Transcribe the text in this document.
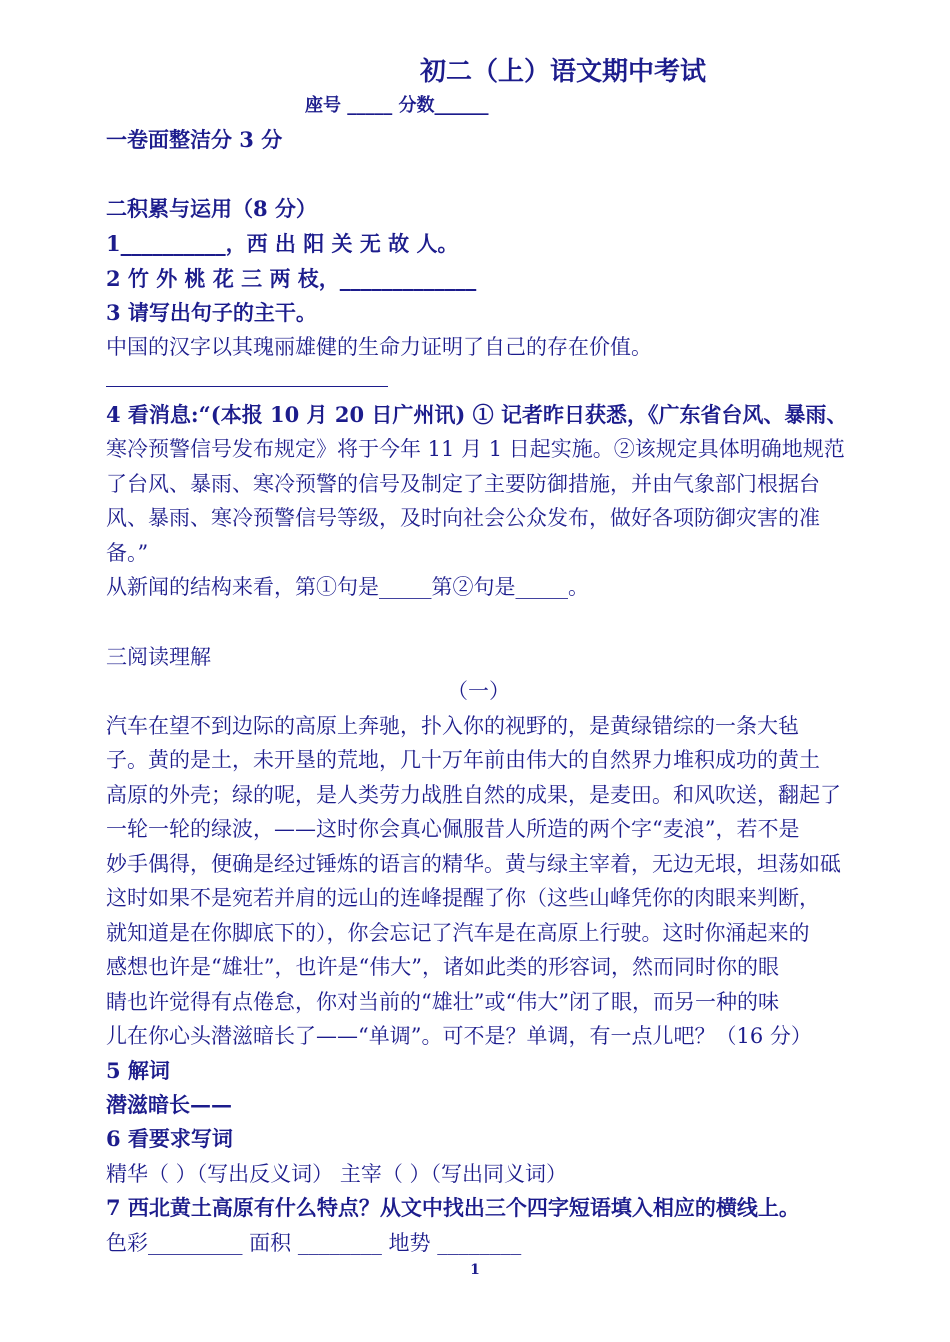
初二（上）语文期中考试
座号 _____ 分数______
一卷面整洁分 3 分
二积累与运用（8 分）
1__________，西 出 阳 关 无 故 人。
2 竹 外 桃 花 三 两 枝，_____________
3 请写出句子的主干。
中国的汉字以其瑰丽雄健的生命力证明了自己的存在价值。
4 看消息:“(本报 10 月 20 日广州讯) ① 记者昨日获悉，《广东省台风、暴雨、
寒冷预警信号发布规定》将于今年 11 月 1 日起实施。②该规定具体明确地规范
了台风、暴雨、寒冷预警的信号及制定了主要防御措施，并由气象部门根据台
风、暴雨、寒冷预警信号等级，及时向社会公众发布，做好各项防御灾害的准
备。”
从新闻的结构来看，第①句是_____第②句是_____。
三阅读理解
（一）
汽车在望不到边际的高原上奔驰，扑入你的视野的，是黄绿错综的一条大毡
子。黄的是土，未开垦的荒地，几十万年前由伟大的自然界力堆积成功的黄土
高原的外壳；绿的呢，是人类劳力战胜自然的成果，是麦田。和风吹送，翻起了
一轮一轮的绿波，——这时你会真心佩服昔人所造的两个字“麦浪”，若不是
妙手偶得，便确是经过锤炼的语言的精华。黄与绿主宰着，无边无垠，坦荡如砥
这时如果不是宛若并肩的远山的连峰提醒了你（这些山峰凭你的肉眼来判断，
就知道是在你脚底下的），你会忘记了汽车是在高原上行驶。这时你涌起来的
感想也许是“雄壮”，也许是“伟大”，诸如此类的形容词，然而同时你的眼
睛也许觉得有点倦怠，你对当前的“雄壮”或“伟大”闭了眼，而另一种的味
儿在你心头潜滋暗长了——“单调”。可不是？单调，有一点儿吧？（16 分）
5 解词
潜滋暗长——
6 看要求写词
精华（ ）（写出反义词） 主宰（ ）（写出同义词）
7 西北黄土高原有什么特点？从文中找出三个四字短语填入相应的横线上。
色彩_________ 面积 ________ 地势 ________
1
